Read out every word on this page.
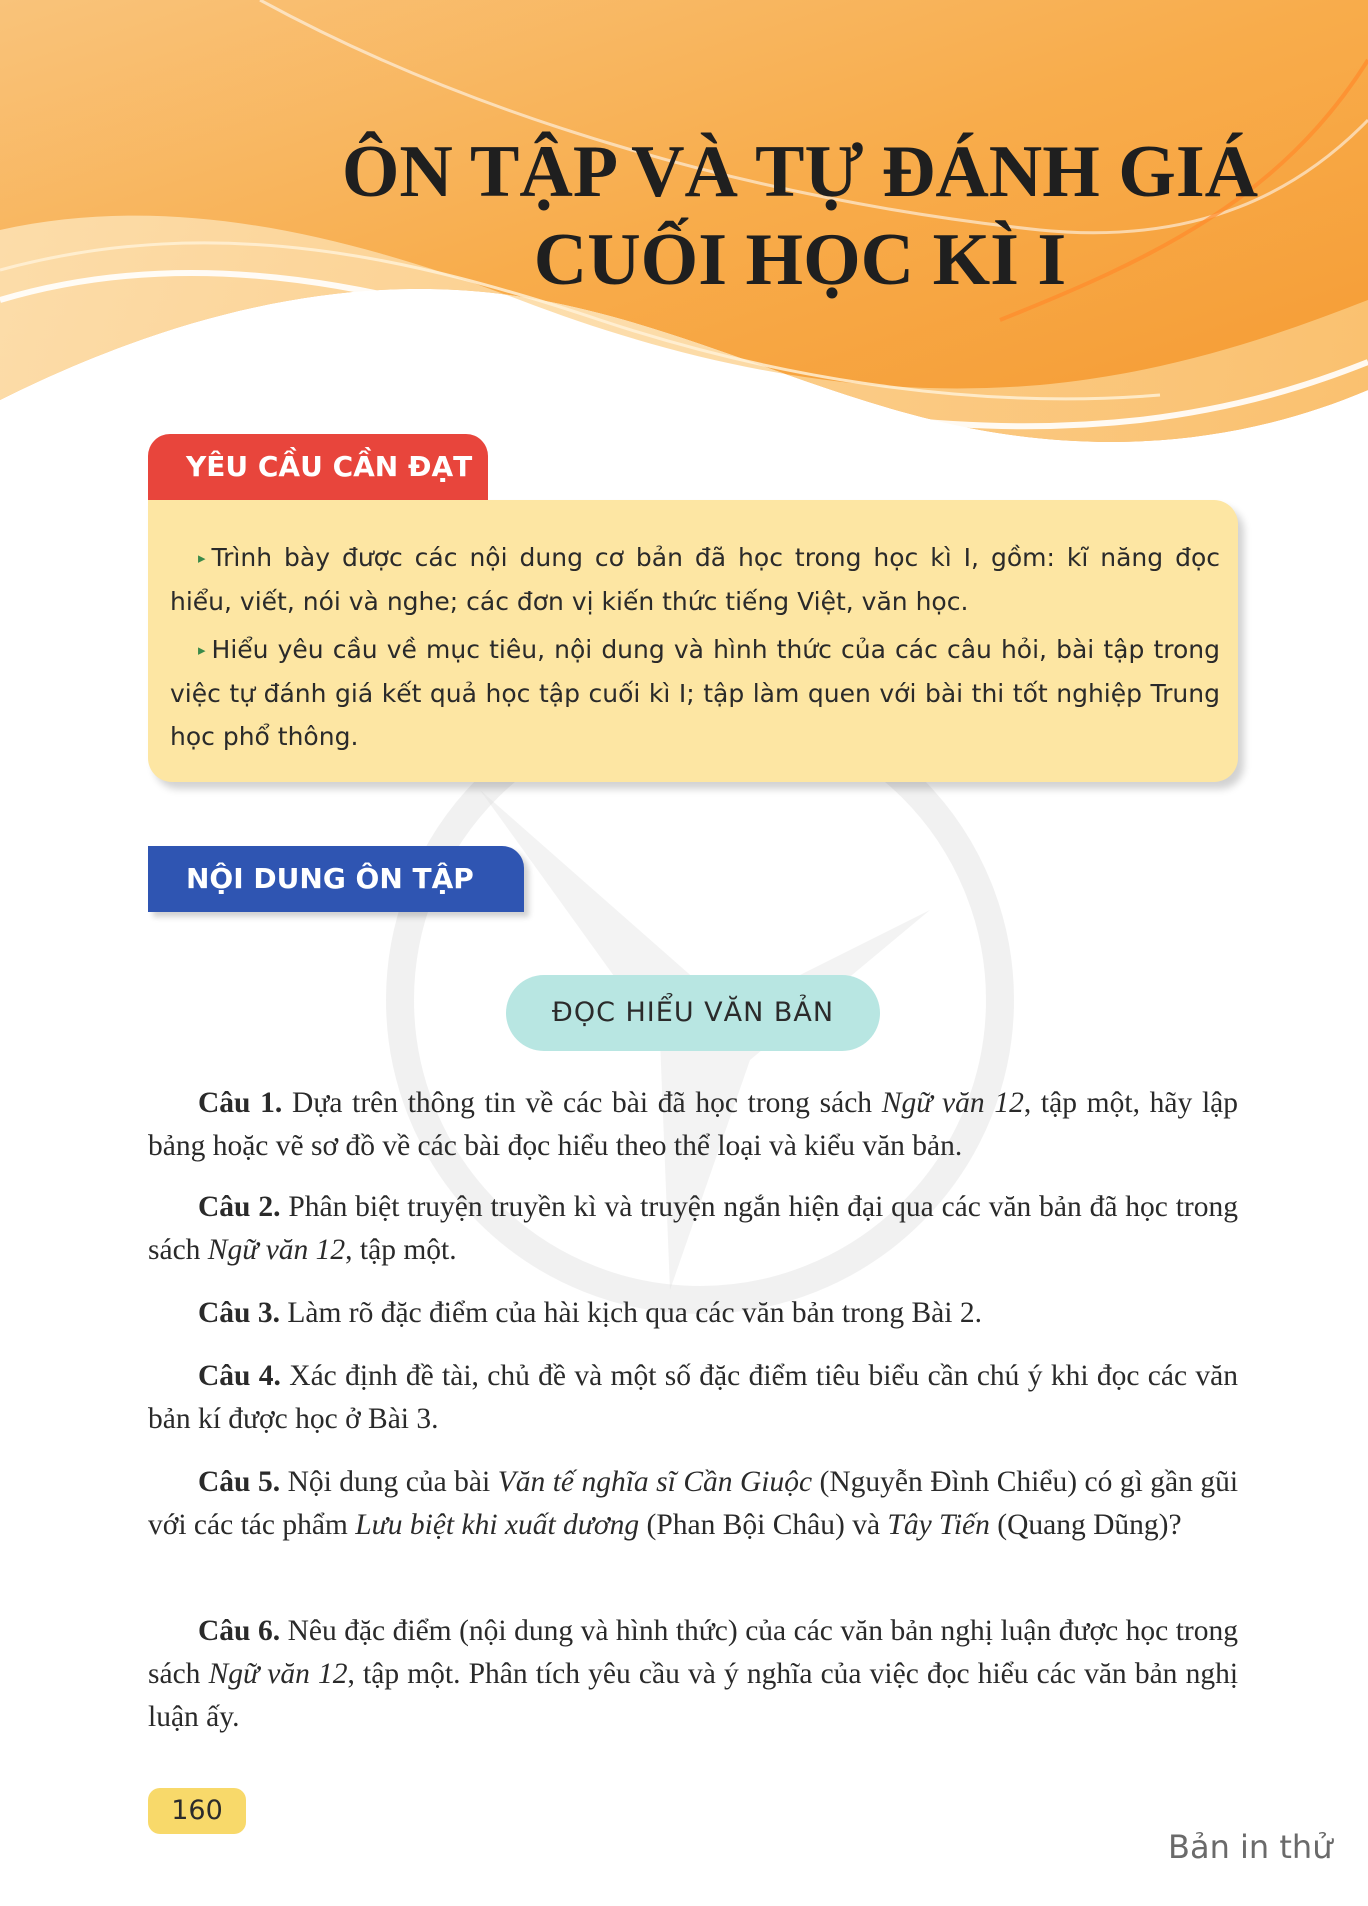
ÔN TẬP VÀ TỰ ĐÁNH GIÁ
CUỐI HỌC KÌ I
YÊU CẦU CẦN ĐẠT
▸ Trình bày được các nội dung cơ bản đã học trong học kì I, gồm: kĩ năng đọc hiểu, viết, nói và nghe; các đơn vị kiến thức tiếng Việt, văn học.
▸ Hiểu yêu cầu về mục tiêu, nội dung và hình thức của các câu hỏi, bài tập trong việc tự đánh giá kết quả học tập cuối kì I; tập làm quen với bài thi tốt nghiệp Trung học phổ thông.
NỘI DUNG ÔN TẬP
ĐỌC HIỂU VĂN BẢN
Câu 1. Dựa trên thông tin về các bài đã học trong sách Ngữ văn 12, tập một, hãy lập bảng hoặc vẽ sơ đồ về các bài đọc hiểu theo thể loại và kiểu văn bản.
Câu 2. Phân biệt truyện truyền kì và truyện ngắn hiện đại qua các văn bản đã học trong sách Ngữ văn 12, tập một.
Câu 3. Làm rõ đặc điểm của hài kịch qua các văn bản trong Bài 2.
Câu 4. Xác định đề tài, chủ đề và một số đặc điểm tiêu biểu cần chú ý khi đọc các văn bản kí được học ở Bài 3.
Câu 5. Nội dung của bài Văn tế nghĩa sĩ Cần Giuộc (Nguyễn Đình Chiểu) có gì gần gũi với các tác phẩm Lưu biệt khi xuất dương (Phan Bội Châu) và Tây Tiến (Quang Dũng)?
Câu 6. Nêu đặc điểm (nội dung và hình thức) của các văn bản nghị luận được học trong sách Ngữ văn 12, tập một. Phân tích yêu cầu và ý nghĩa của việc đọc hiểu các văn bản nghị luận ấy.
160
Bản in thử
